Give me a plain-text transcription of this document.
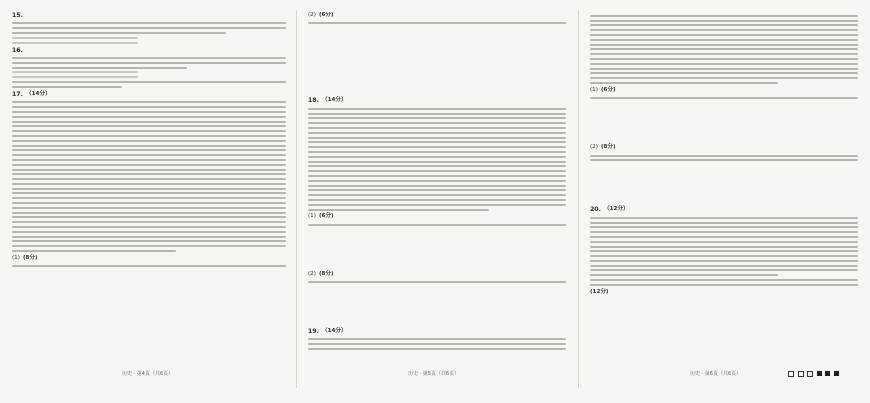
15.
16.
17. （14分）
(1) (8分)
历史 · 第4页（共6页）
(2) (6分)
18. （14分）
(1) (6分)
(2) (8分)
19. （14分）
历史 · 第5页（共6页）
(1) (6分)
(2) (8分)
20. （12分）
(12分)
历史 · 第6页（共6页）
